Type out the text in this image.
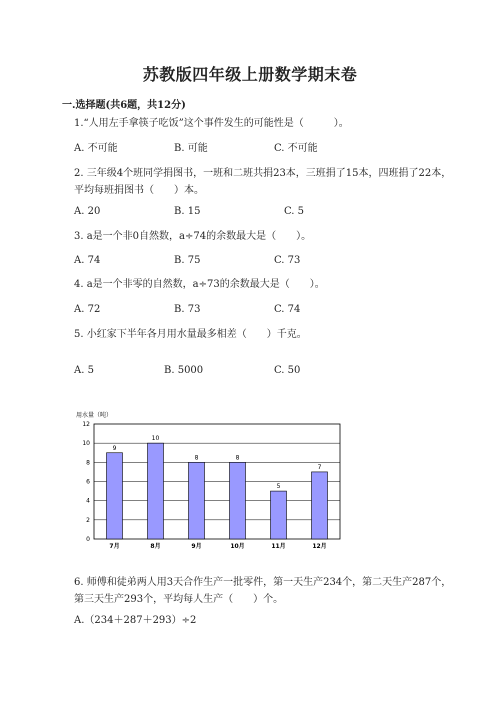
苏教版四年级上册数学期末卷
一.选择题(共6题，共12分)
1.“人用左手拿筷子吃饭”这个事件发生的可能性是（　　　）。
A. 不可能	B. 可能	C. 不可能
2. 三年级4个班同学捐图书，一班和二班共捐23本，三班捐了15本，四班捐了22本，平均每班捐图书（　　）本。
A. 20	B. 15	C. 5
3. a是一个非0自然数，a÷74的余数最大是（　　）。
A. 74	B. 75	C. 73
4. a是一个非零的自然数，a÷73的余数最大是（　　）。
A. 72	B. 73	C. 74
5. 小红家下半年各月用水量最多相差（　　）千克。
A. 5	B. 5000	C. 50
用水量（吨）
0
2
4
6
8
10
12
9
10
8	8
5
7
7月	8月	9月	10月	11月	12月
6. 师傅和徒弟两人用3天合作生产一批零件，第一天生产234个，第二天生产287个，第三天生产293个，平均每人生产（　　）个。
A.（234＋287＋293）÷2
